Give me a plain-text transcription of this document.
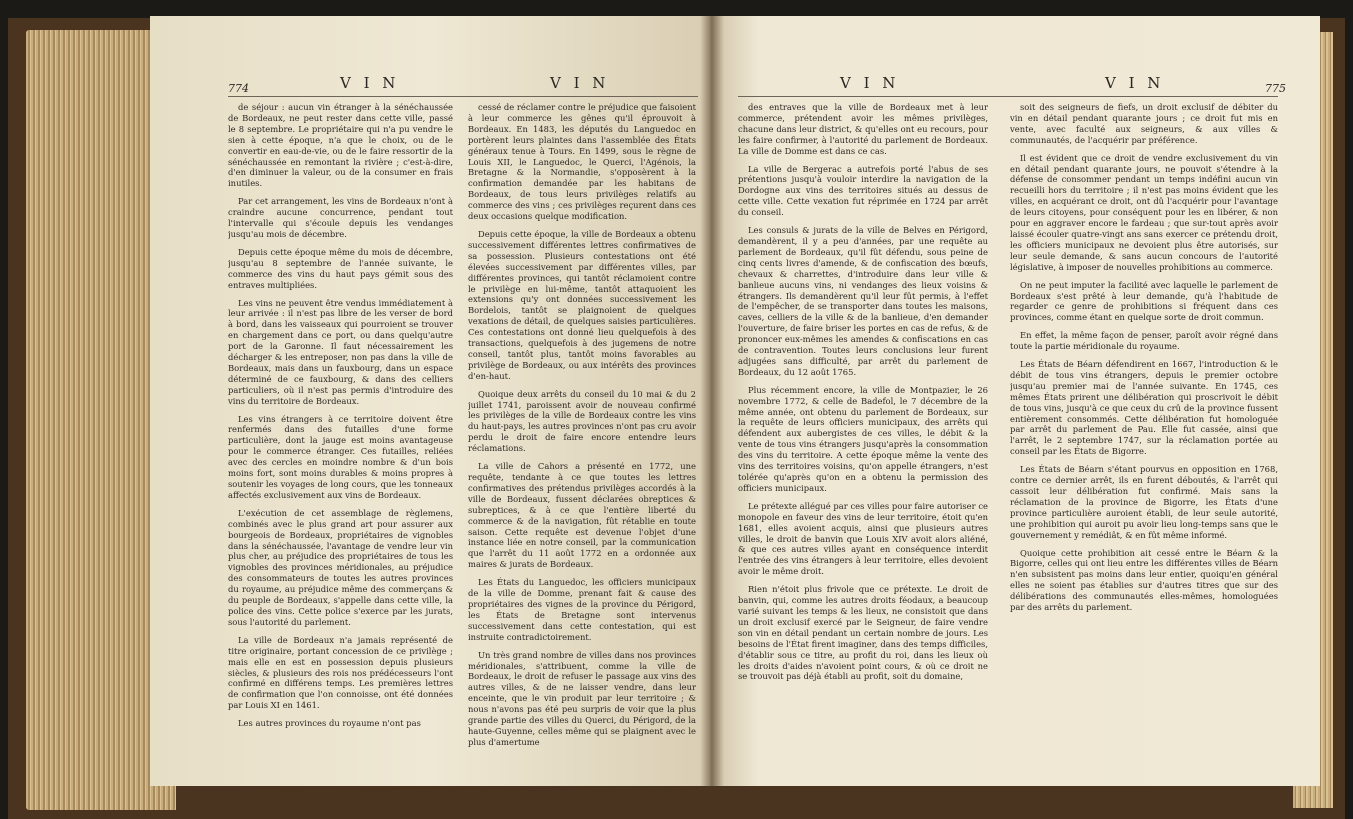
774	V I N	V I N

de séjour : aucun vin étranger à la sénéchaussée de Bordeaux, ne peut rester dans cette ville, passé le 8 septembre. Le propriétaire qui n'a pu vendre le sien à cette époque, n'a que le choix, ou de le convertir en eau-de-vie, ou de le faire ressortir de la sénéchaussée en remontant la rivière ; c'est-à-dire, d'en diminuer la valeur, ou de la consumer en frais inutiles.

Par cet arrangement, les vins de Bordeaux n'ont à craindre aucune concurrence, pendant tout l'intervalle qui s'écoule depuis les vendanges jusqu'au mois de décembre.

Depuis cette époque même du mois de décembre, jusqu'au 8 septembre de l'année suivante, le commerce des vins du haut pays gémit sous des entraves multipliées.

Les vins ne peuvent être vendus immédiatement à leur arrivée : il n'est pas libre de les verser de bord à bord, dans les vaisseaux qui pourroient se trouver en chargement dans ce port, ou dans quelqu'autre port de la Garonne. Il faut nécessairement les décharger & les entreposer, non pas dans la ville de Bordeaux, mais dans un fauxbourg, dans un espace déterminé de ce fauxbourg, & dans des celliers particuliers, où il n'est pas permis d'introduire des vins du territoire de Bordeaux.

Les vins étrangers à ce territoire doivent être renfermés dans des futailles d'une forme particulière, dont la jauge est moins avantageuse pour le commerce étranger. Ces futailles, reliées avec des cercles en moindre nombre & d'un bois moins fort, sont moins durables & moins propres à soutenir les voyages de long cours, que les tonneaux affectés exclusivement aux vins de Bordeaux.

L'exécution de cet assemblage de règlemens, combinés avec le plus grand art pour assurer aux bourgeois de Bordeaux, propriétaires de vignobles dans la sénéchaussée, l'avantage de vendre leur vin plus cher, au préjudice des propriétaires de tous les vignobles des provinces méridionales, au préjudice des consommateurs de toutes les autres provinces du royaume, au préjudice même des commerçans & du peuple de Bordeaux, s'appelle dans cette ville, la police des vins. Cette police s'exerce par les jurats, sous l'autorité du parlement.

La ville de Bordeaux n'a jamais représenté de titre originaire, portant concession de ce privilège ; mais elle en est en possession depuis plusieurs siècles, & plusieurs des rois nos prédécesseurs l'ont confirmé en différens temps. Les premières lettres de confirmation que l'on connoisse, ont été données par Louis XI en 1461.

Les autres provinces du royaume n'ont pas

cessé de réclamer contre le préjudice que faisoient à leur commerce les gênes qu'il éprouvoit à Bordeaux. En 1483, les députés du Languedoc en portèrent leurs plaintes dans l'assemblée des États généraux tenue à Tours. En 1499, sous le règne de Louis XII, le Languedoc, le Querci, l'Agénois, la Bretagne & la Normandie, s'opposèrent à la confirmation demandée par les habitans de Bordeaux, de tous leurs privilèges relatifs au commerce des vins ; ces privilèges reçurent dans ces deux occasions quelque modification.

Depuis cette époque, la ville de Bordeaux a obtenu successivement différentes lettres confirmatives de sa possession. Plusieurs contestations ont été élevées successivement par différentes villes, par différentes provinces, qui tantôt réclamoient contre le privilège en lui-même, tantôt attaquoient les extensions qu'y ont données successivement les Bordelois, tantôt se plaignoient de quelques vexations de détail, de quelques saisies particulières. Ces contestations ont donné lieu quelquefois à des transactions, quelquefois à des jugemens de notre conseil, tantôt plus, tantôt moins favorables au privilège de Bordeaux, ou aux intérêts des provinces d'en-haut.

Quoique deux arrêts du conseil du 10 mai & du 2 juillet 1741, paroissent avoir de nouveau confirmé les privilèges de la ville de Bordeaux contre les vins du haut-pays, les autres provinces n'ont pas cru avoir perdu le droit de faire encore entendre leurs réclamations.

La ville de Cahors a présenté en 1772, une requête, tendante à ce que toutes les lettres confirmatives des prétendus privilèges accordés à la ville de Bordeaux, fussent déclarées obreptices & subreptices, & à ce que l'entière liberté du commerce & de la navigation, fût rétablie en toute saison. Cette requête est devenue l'objet d'une instance liée en notre conseil, par la communication que l'arrêt du 11 août 1772 en a ordonnée aux maires & jurats de Bordeaux.

Les États du Languedoc, les officiers municipaux de la ville de Domme, prenant fait & cause des propriétaires des vignes de la province du Périgord, les États de Bretagne sont intervenus successivement dans cette contestation, qui est instruite contradictoirement.

Un très grand nombre de villes dans nos provinces méridionales, s'attribuent, comme la ville de Bordeaux, le droit de refuser le passage aux vins des autres villes, & de ne laisser vendre, dans leur enceinte, que le vin produit par leur territoire ; & nous n'avons pas été peu surpris de voir que la plus grande partie des villes du Querci, du Périgord, de la haute-Guyenne, celles même qui se plaignent avec le plus d'amertume

V I N	V I N	775

des entraves que la ville de Bordeaux met à leur commerce, prétendent avoir les mêmes privilèges, chacune dans leur district, & qu'elles ont eu recours, pour les faire confirmer, à l'autorité du parlement de Bordeaux. La ville de Domme est dans ce cas.

La ville de Bergerac a autrefois porté l'abus de ses prétentions jusqu'à vouloir interdire la navigation de la Dordogne aux vins des territoires situés au dessus de cette ville. Cette vexation fut réprimée en 1724 par arrêt du conseil.

Les consuls & jurats de la ville de Belves en Périgord, demandèrent, il y a peu d'années, par une requête au parlement de Bordeaux, qu'il fût défendu, sous peine de cinq cents livres d'amende, & de confiscation des bœufs, chevaux & charrettes, d'introduire dans leur ville & banlieue aucuns vins, ni vendanges des lieux voisins & étrangers. Ils demandèrent qu'il leur fût permis, à l'effet de l'empêcher, de se transporter dans toutes les maisons, caves, celliers de la ville & de la banlieue, d'en demander l'ouverture, de faire briser les portes en cas de refus, & de prononcer eux-mêmes les amendes & confiscations en cas de contravention. Toutes leurs conclusions leur furent adjugées sans difficulté, par arrêt du parlement de Bordeaux, du 12 août 1765.

Plus récemment encore, la ville de Montpazier, le 26 novembre 1772, & celle de Badefol, le 7 décembre de la même année, ont obtenu du parlement de Bordeaux, sur la requête de leurs officiers municipaux, des arrêts qui défendent aux aubergistes de ces villes, le débit & la vente de tous vins étrangers jusqu'après la consommation des vins du territoire. A cette époque même la vente des vins des territoires voisins, qu'on appelle étrangers, n'est tolérée qu'après qu'on en a obtenu la permission des officiers municipaux.

Le prétexte allégué par ces villes pour faire autoriser ce monopole en faveur des vins de leur territoire, étoit qu'en 1681, elles avoient acquis, ainsi que plusieurs autres villes, le droit de banvin que Louis XIV avoit alors aliéné, & que ces autres villes ayant en conséquence interdit l'entrée des vins étrangers à leur territoire, elles devoient avoir le même droit.

Rien n'étoit plus frivole que ce prétexte. Le droit de banvin, qui, comme les autres droits féodaux, a beaucoup varié suivant les temps & les lieux, ne consistoit que dans un droit exclusif exercé par le Seigneur, de faire vendre son vin en détail pendant un certain nombre de jours. Les besoins de l'État firent imaginer, dans des temps difficiles, d'établir sous ce titre, au profit du roi, dans les lieux où les droits d'aides n'avoient point cours, & où ce droit ne se trouvoit pas déjà établi au profit, soit du domaine,

soit des seigneurs de fiefs, un droit exclusif de débiter du vin en détail pendant quarante jours ; ce droit fut mis en vente, avec faculté aux seigneurs, & aux villes & communautés, de l'acquérir par préférence.

Il est évident que ce droit de vendre exclusivement du vin en détail pendant quarante jours, ne pouvoit s'étendre à la défense de consommer pendant un temps indéfini aucun vin recueilli hors du territoire ; il n'est pas moins évident que les villes, en acquérant ce droit, ont dû l'acquérir pour l'avantage de leurs citoyens, pour conséquent pour les en libérer, & non pour en aggraver encore le fardeau ; que sur-tout après avoir laissé écouler quatre-vingt ans sans exercer ce prétendu droit, les officiers municipaux ne devoient plus être autorisés, sur leur seule demande, & sans aucun concours de l'autorité législative, à imposer de nouvelles prohibitions au commerce.

On ne peut imputer la facilité avec laquelle le parlement de Bordeaux s'est prêté à leur demande, qu'à l'habitude de regarder ce genre de prohibitions si fréquent dans ces provinces, comme étant en quelque sorte de droit commun.

En effet, la même façon de penser, paroît avoir régné dans toute la partie méridionale du royaume.

Les États de Béarn défendirent en 1667, l'introduction & le débit de tous vins étrangers, depuis le premier octobre jusqu'au premier mai de l'année suivante. En 1745, ces mêmes États prirent une délibération qui proscrivoit le débit de tous vins, jusqu'à ce que ceux du crû de la province fussent entièrement consommés. Cette délibération fut homologuée par arrêt du parlement de Pau. Elle fut cassée, ainsi que l'arrêt, le 2 septembre 1747, sur la réclamation portée au conseil par les États de Bigorre.

Les États de Béarn s'étant pourvus en opposition en 1768, contre ce dernier arrêt, ils en furent déboutés, & l'arrêt qui cassoit leur délibération fut confirmé. Mais sans la réclamation de la province de Bigorre, les États d'une province particulière auroient établi, de leur seule autorité, une prohibition qui auroit pu avoir lieu long-temps sans que le gouvernement y remédiât, & en fût même informé.

Quoique cette prohibition ait cessé entre le Béarn & la Bigorre, celles qui ont lieu entre les différentes villes de Béarn n'en subsistent pas moins dans leur entier, quoiqu'en général elles ne soient pas établies sur d'autres titres que sur des délibérations des communautés elles-mêmes, homologuées par des arrêts du parlement.
